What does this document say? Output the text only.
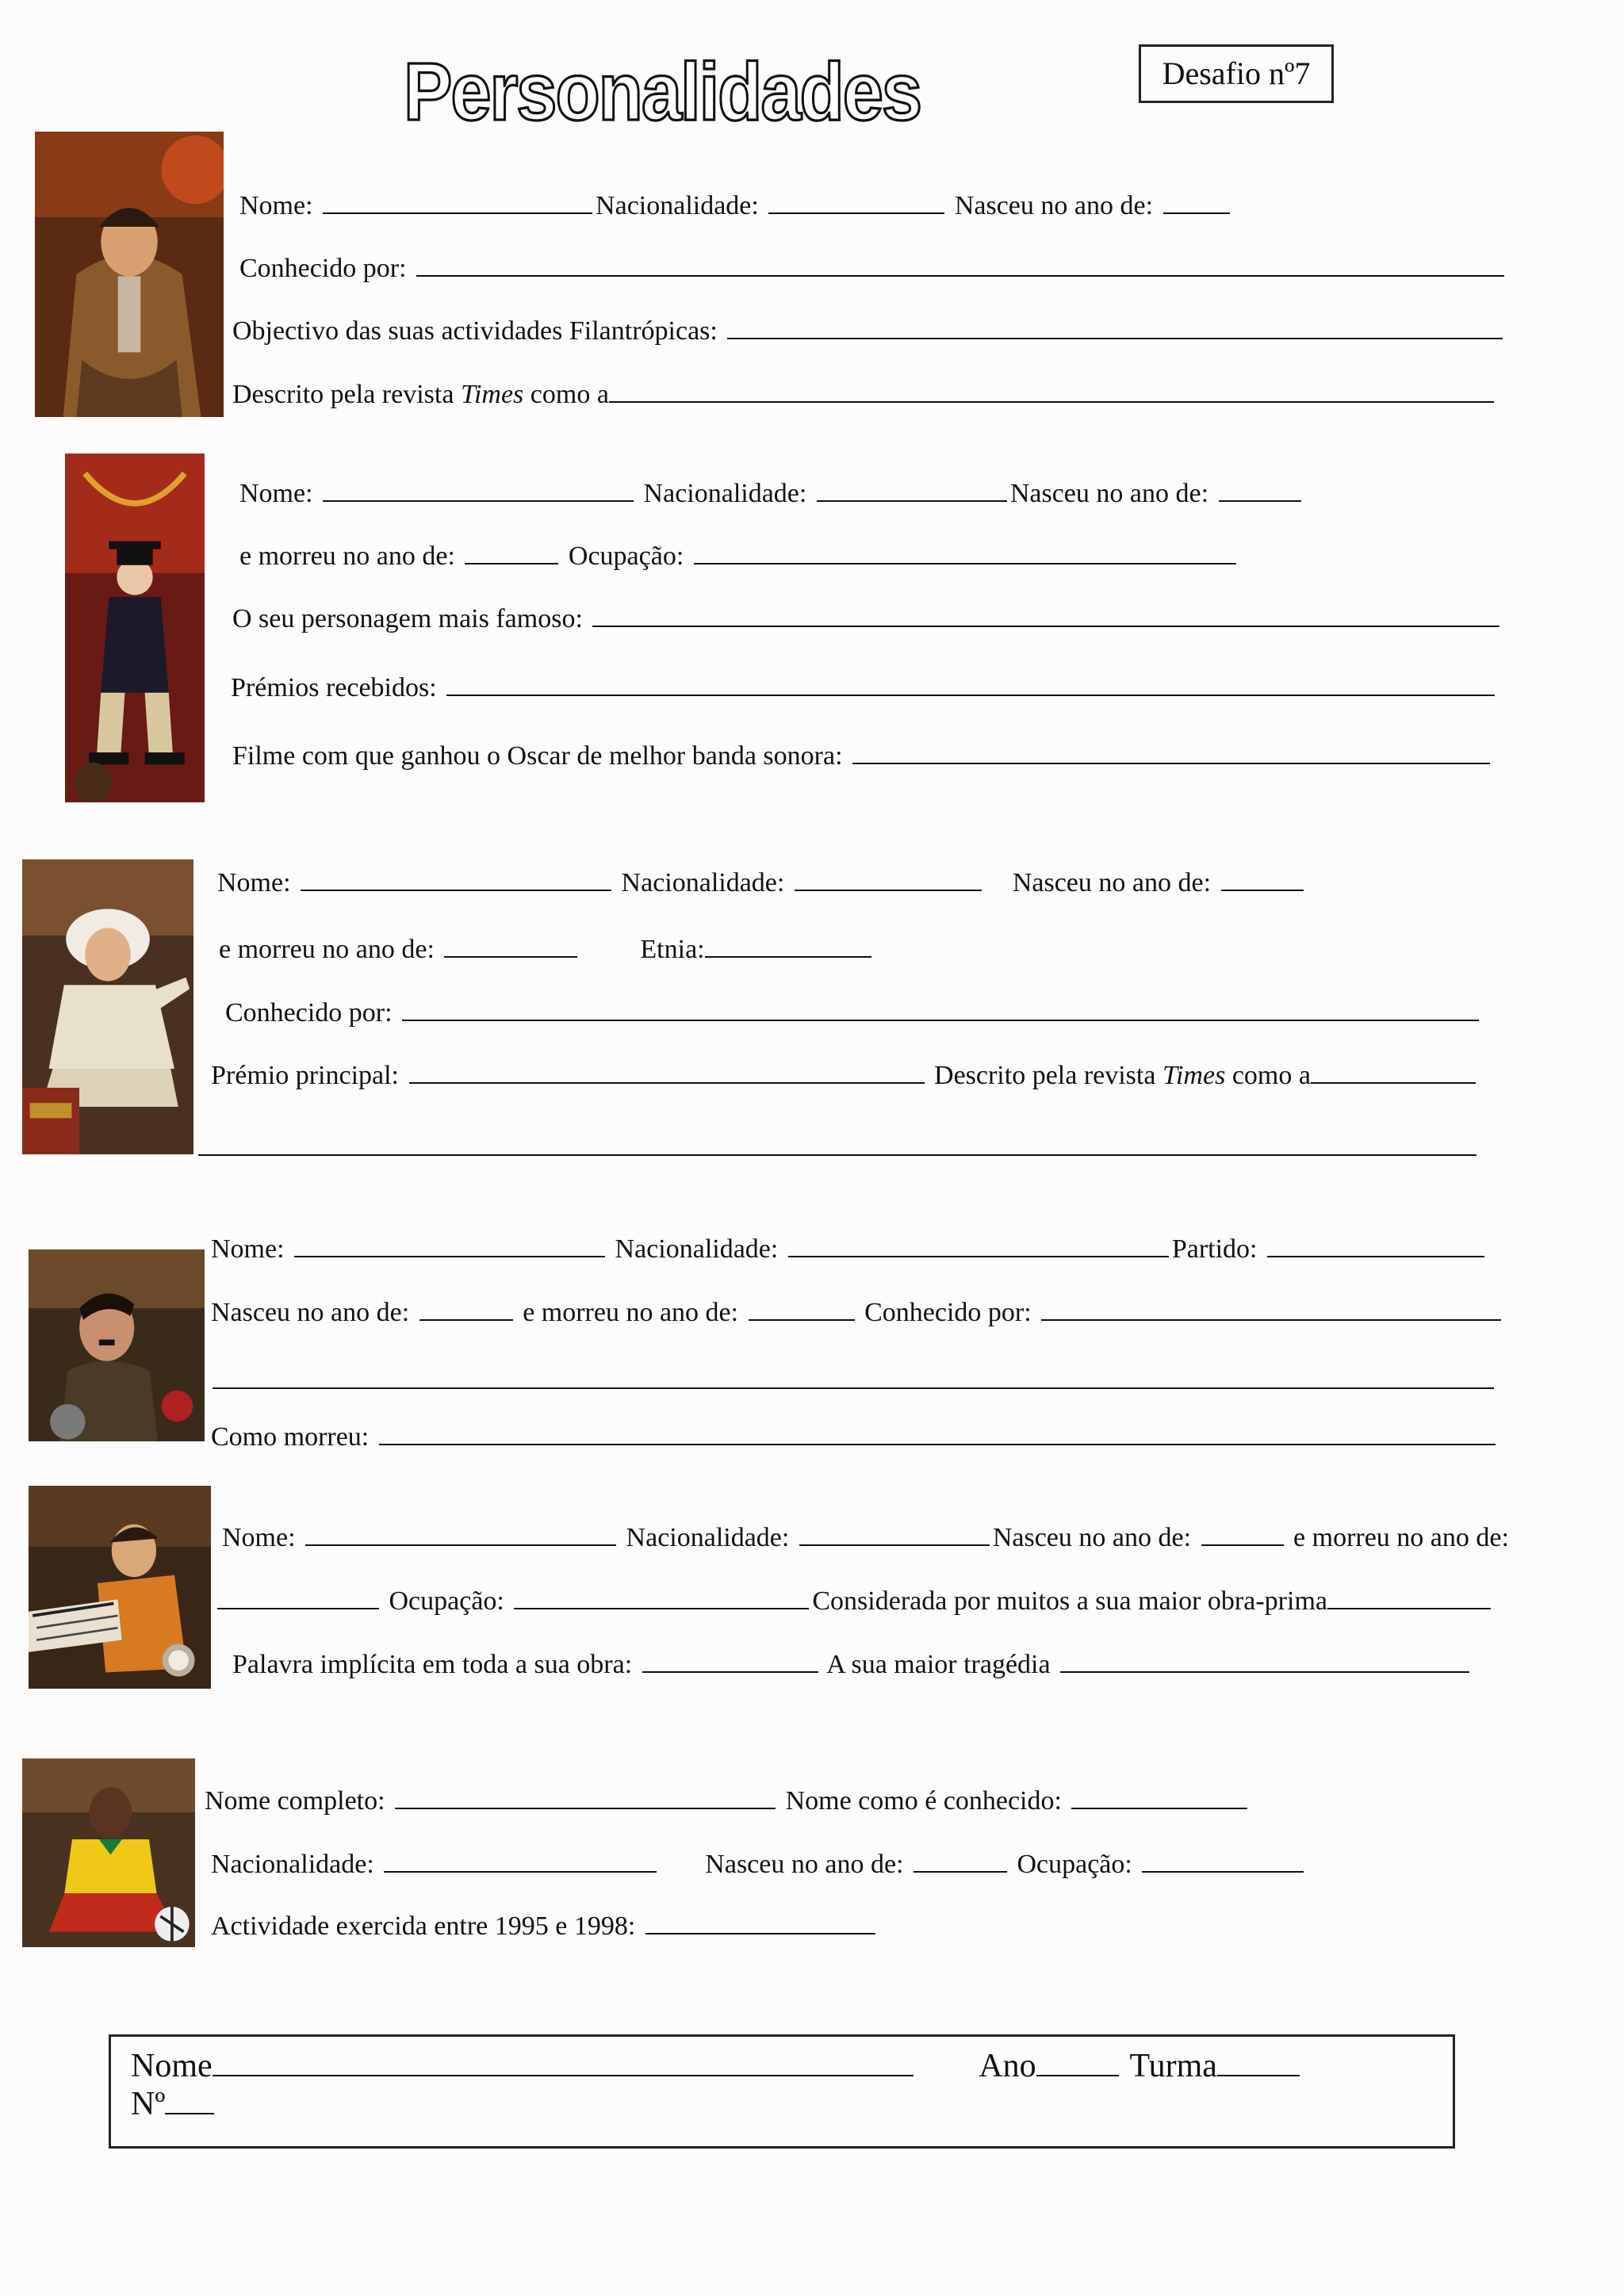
Personalidades	Desafio nº7
Nome:	Nacionalidade:	Nasceu no ano de:
Conhecido por:
Objectivo das suas actividades Filantrópicas:
Descrito pela revista Times como a
Nome:	Nacionalidade:	Nasceu no ano de:
e morreu no ano de:	Ocupação:
O seu personagem mais famoso:
Prémios recebidos:
Filme com que ganhou o Oscar de melhor banda sonora:
Nome:	Nacionalidade:	Nasceu no ano de:
e morreu no ano de:	Etnia:
Conhecido por:
Prémio principal:	Descrito pela revista Times como a
Nome:	Nacionalidade:	Partido:
Nasceu no ano de:	e morreu no ano de:	Conhecido por:
Como morreu:
Nome:	Nacionalidade:	Nasceu no ano de:	e morreu no ano de:
Ocupação:	Considerada por muitos a sua maior obra-prima
Palavra implícita em toda a sua obra:	A sua maior tragédia
Nome completo:	Nome como é conhecido:
Nacionalidade:	Nasceu no ano de:	Ocupação:
Actividade exercida entre 1995 e 1998:
Nome	Ano	Turma
Nº
